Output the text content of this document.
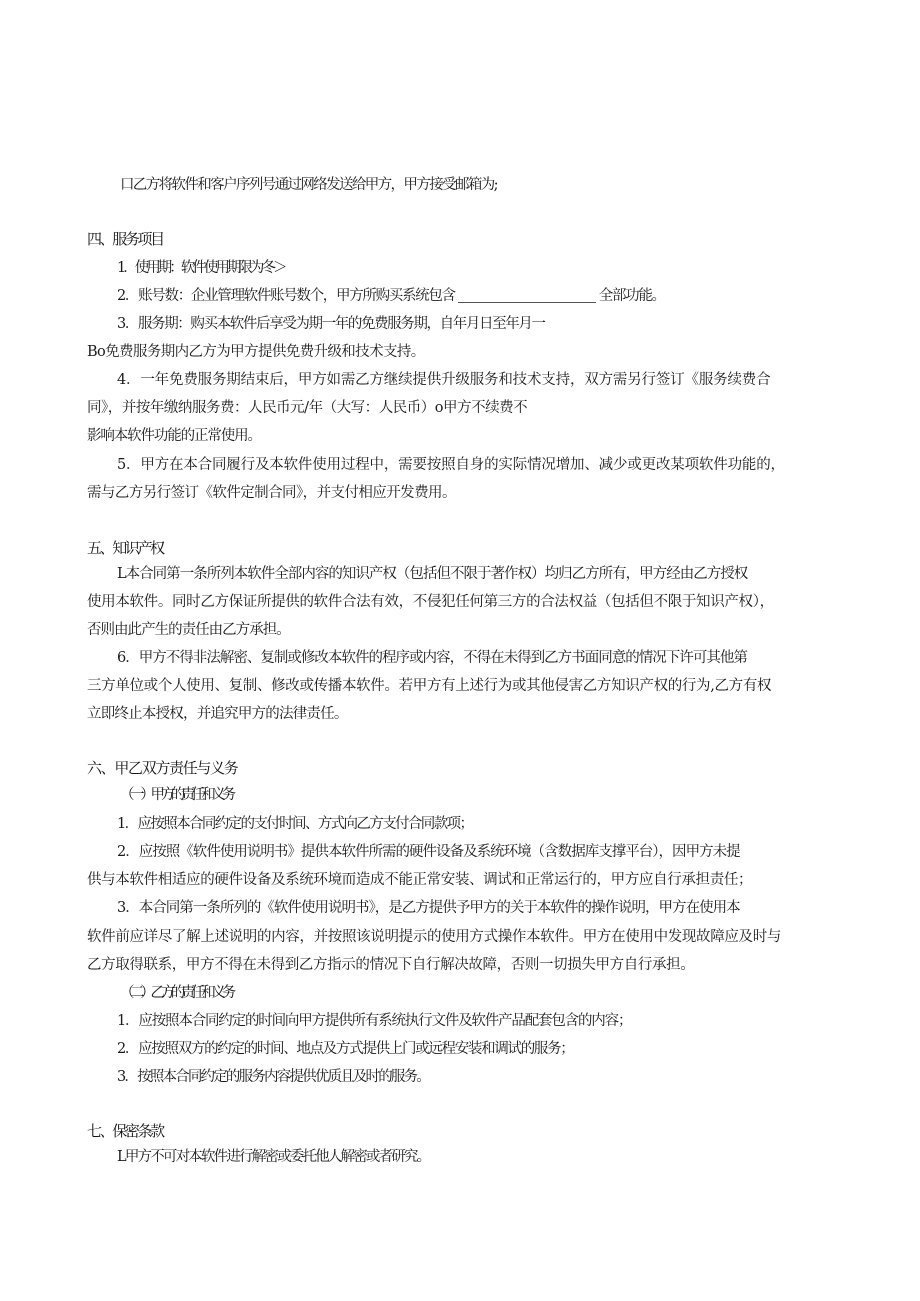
口乙方将软件和客户序列号通过网络发送给甲方，甲方接受邮箱为;
四、服务项目
1．使用期：软件使用期限为冬＞
2．账号数：企业管理软件账号数个，甲方所购买系统包含	全部功能。
3．服务期：购买本软件后享受为期一年的免费服务期，自年月日至年月一
Bo免费服务期内乙方为甲方提供免费升级和技术支持。
4．一年免费服务期结束后，甲方如需乙方继续提供升级服务和技术支持，双方需另行签订《服务续费合
同》，并按年缴纳服务费：人民币元/年（大写：人民币）o甲方不续费不
影响本软件功能的正常使用。
5．甲方在本合同履行及本软件使用过程中，需要按照自身的实际情况增加、减少或更改某项软件功能的，
需与乙方另行签订《软件定制合同》，并支付相应开发费用。
五、知识产权
L本合同第一条所列本软件全部内容的知识产权（包括但不限于著作权）均归乙方所有，甲方经由乙方授权
使用本软件。同时乙方保证所提供的软件合法有效，不侵犯任何第三方的合法权益（包括但不限于知识产权），
否则由此产生的责任由乙方承担。
6．甲方不得非法解密、复制或修改本软件的程序或内容，不得在未得到乙方书面同意的情况下许可其他第
三方单位或个人使用、复制、修改或传播本软件。若甲方有上述行为或其他侵害乙方知识产权的行为,乙方有权
立即终止本授权，并追究甲方的法律责任。
六、甲乙双方责任与义务
（一）甲方的责任和义务
1．应按照本合同约定的支付时间、方式向乙方支付合同款项；
2．应按照《软件使用说明书》提供本软件所需的硬件设备及系统环境（含数据库支撑平台），因甲方未提
供与本软件相适应的硬件设备及系统环境而造成不能正常安装、调试和正常运行的，甲方应自行承担责任；
3．本合同第一条所列的《软件使用说明书》，是乙方提供予甲方的关于本软件的操作说明，甲方在使用本
软件前应详尽了解上述说明的内容，并按照该说明提示的使用方式操作本软件。甲方在使用中发现故障应及时与
乙方取得联系，甲方不得在未得到乙方指示的情况下自行解决故障，否则一切损失甲方自行承担。
（二）乙方的责任和义务
1．应按照本合同约定的时间向甲方提供所有系统执行文件及软件产品配套包含的内容；
2．应按照双方的约定的时间、地点及方式提供上门或远程安装和调试的服务；
3．按照本合同约定的服务内容提供优质且及时的服务。
七、保密条款
L甲方不可对本软件进行解密或委托他人解密或者研究。
